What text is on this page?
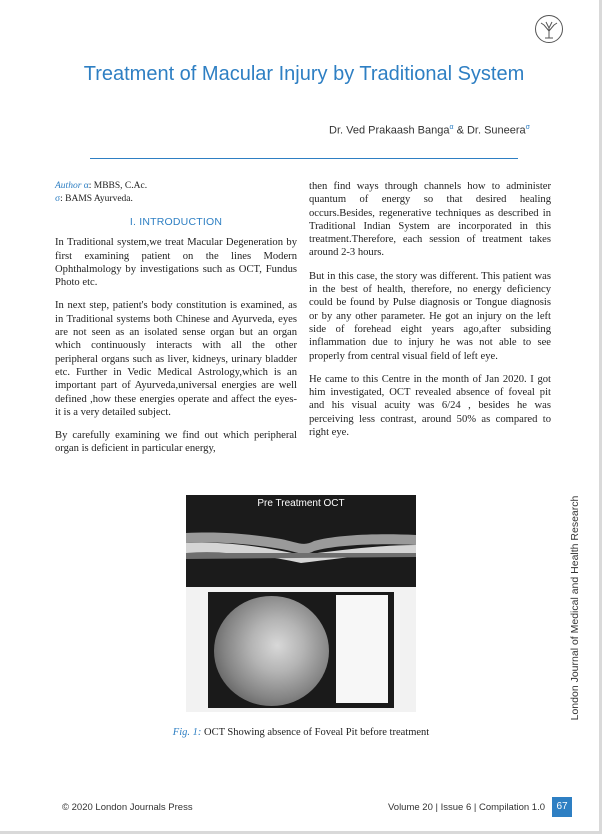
Treatment of Macular Injury by Traditional System
Dr. Ved Prakaash Banga$^\alpha$ & Dr. Suneera$^\sigma$

Author α: MBBS, C.Ac.

σ: BAMS Ayurveda.

I. INTRODUCTION

In Traditional system,we treat Macular Degeneration by first examining patient on the lines Modern Ophthalmology by investigations such as OCT, Fundus Photo etc.

In next step, patient's body constitution is examined, as in Traditional systems both Chinese and Ayurveda, eyes are not seen as an isolated sense organ but an organ which continuously interacts with all the other peripheral organs such as liver, kidneys, urinary bladder etc. Further in Vedic Medical Astrology,which is an important part of Ayurveda,universal energies are well defined ,how these energies operate and affect the eyes- it is a very detailed subject.

By carefully examining we find out which peripheral organ is deficient in particular energy,

then find ways through channels how to administer quantum of energy so that desired healing occurs.Besides, regenerative techniques as described in Traditional Indian System are incorporated in this treatment.Therefore, each session of treatment takes around 2-3 hours.

But in this case, the story was different. This patient was in the best of health, therefore, no energy deficiency could be found by Pulse diagnosis or Tongue diagnosis or by any other parameter. He got an injury on the left side of forehead eight years ago,after subsiding inflammation due to injury he was not able to see properly from central visual field of left eye.

He came to this Centre in the month of Jan 2020. I got him investigated, OCT revealed absence of foveal pit and his visual acuity was 6/24 , besides he was perceiving less contrast, around 50% as compared to right eye.

Pre Treatment OCT
Fig. 1: OCT Showing absence of Foveal Pit before treatment
London Journal of Medical and Health Research
© 2020 London Journals Press	Volume 20 | Issue 6 | Compilation 1.0	67
